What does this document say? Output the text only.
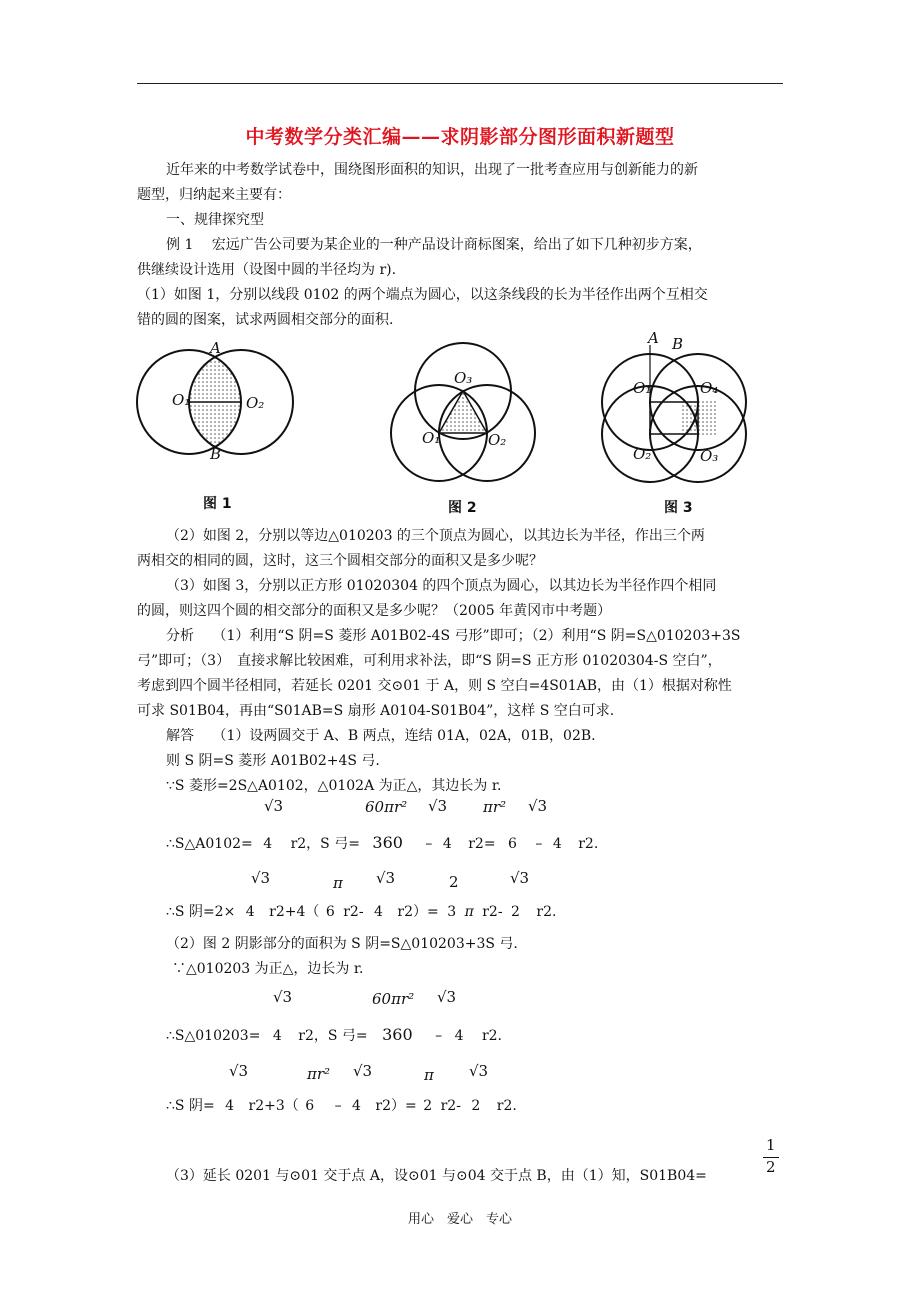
中考数学分类汇编——求阴影部分图形面积新题型
近年来的中考数学试卷中，围绕图形面积的知识，出现了一批考查应用与创新能力的新
题型，归纳起来主要有：
一、规律探究型
例 1　 宏远广告公司要为某企业的一种产品设计商标图案，给出了如下几种初步方案，
供继续设计选用（设图中圆的半径均为 r).
（1）如图 1，分别以线段 0102 的两个端点为圆心，以这条线段的长为半径作出两个互相交
错的圆的图案，试求两圆相交部分的面积.
A
B
O₁	O₂
图 1
O₃
O₁	O₂
图 2
A B
O₁	O₄
O₂	O₃
图 3
（2）如图 2，分别以等边△010203 的三个顶点为圆心，以其边长为半径，作出三个两
两相交的相同的圆，这时，这三个圆相交部分的面积又是多少呢？
（3）如图 3，分别以正方形 01020304 的四个顶点为圆心，以其边长为半径作四个相同
的圆，则这四个圆的相交部分的面积又是多少呢？（2005 年黄冈市中考题）
分析　 （1）利用“S 阴=S 菱形 A01B02-4S 弓形”即可；（2）利用“S 阴=S△010203+3S
弓”即可；（3）　直接求解比较困难，可利用求补法，即“S 阴=S 正方形 01020304-S 空白”，
考虑到四个圆半径相同，若延长 0201 交⊙01 于 A，则 S 空白=4S01AB，由（1）根据对称性
可求 S01B04，再由“S01AB=S 扇形 A0104-S01B04”，这样 S 空白可求.
解答　 （1）设两圆交于 A、B 两点，连结 01A，02A，01B，02B.
则 S 阴=S 菱形 A01B02+4S 弓.
∵S 菱形=2S△A0102，△0102A 为正△，其边长为 r.
√3	60πr² √3 πr² √3
∴S△A0102= 4 r2，S 弓= 360 – 4 r2= 6 – 4 r2.
√3	π √3	2	√3
∴S 阴=2× 4 r2+4（ 6 r2- 4 r2）= 3 π r2- 2 r2.
（2）图 2 阴影部分的面积为 S 阴=S△010203+3S 弓.
∵△010203 为正△，边长为 r.
√3	60πr² √3
∴S△010203= 4 r2，S 弓= 360 – 4 r2.
√3	πr² √3	π √3
∴S 阴= 4 r2+3（ 6 – 4 r2）= 2 r2- 2 r2.
1
2
（3）延长 0201 与⊙01 交于点 A，设⊙01 与⊙04 交于点 B，由（1）知，S01B04=
用心　爱心　专心
